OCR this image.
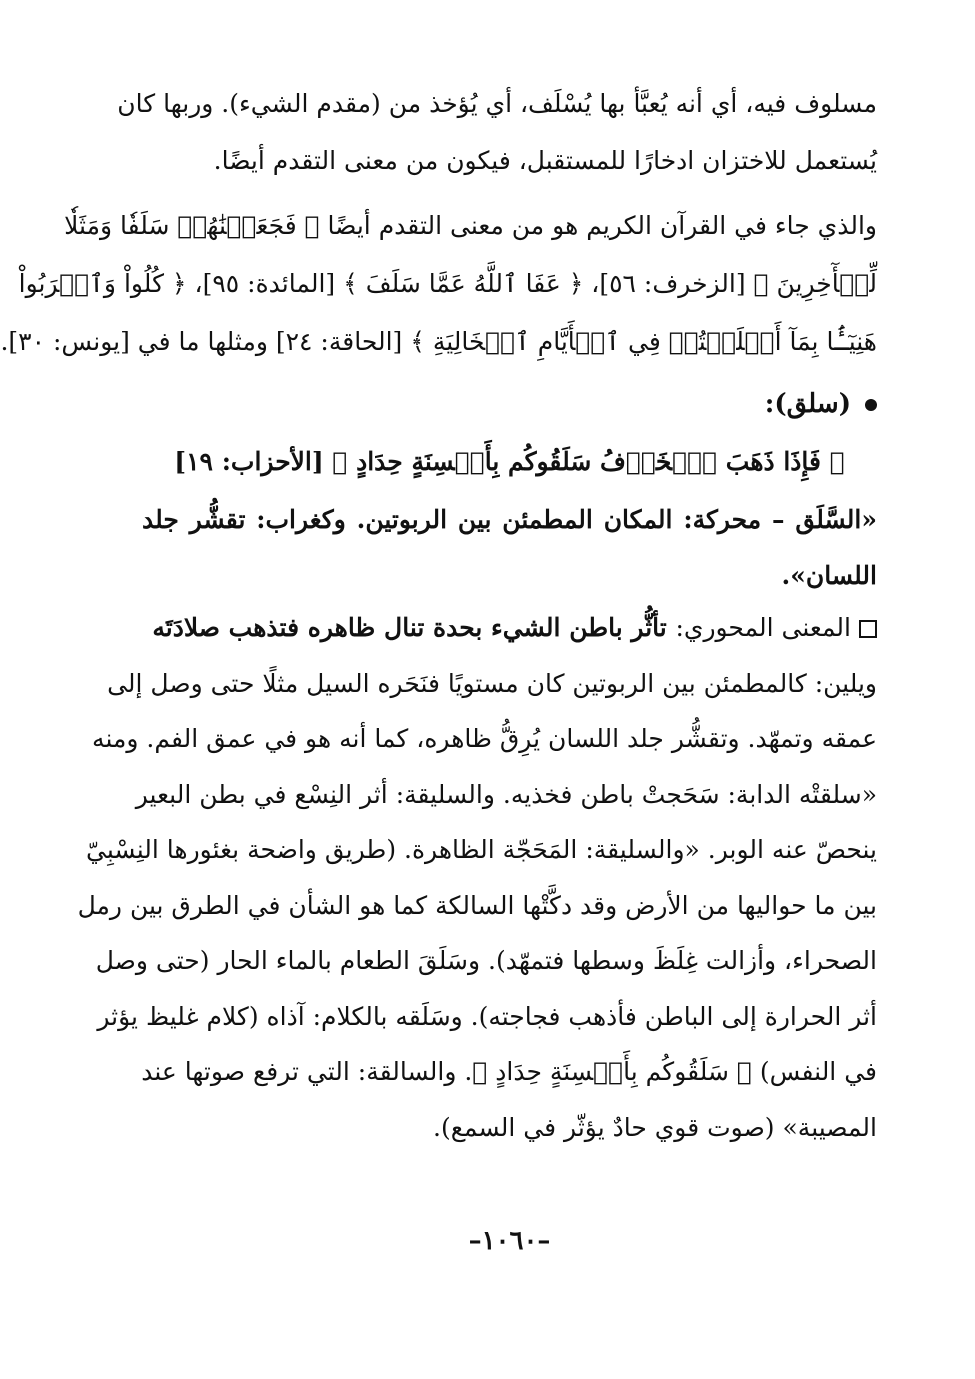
مسلوف فيه، أي أنه يُعبَّأ بها يُسْلَف، أي يُؤخذ من (مقدم الشيء). وربها كان
يُستعمل للاختزان ادخارًا للمستقبل، فيكون من معنى التقدم أيضًا.
والذي جاء في القرآن الكريم هو من معنى التقدم أيضًا ﴿ فَجَعَلۡنَٰهُمۡ سَلَفٗا وَمَثَلٗا
لِّلۡأٓخِرِينَ ﴾ [الزخرف: ٥٦]، ﴿ عَفَا ٱللَّهُ عَمَّا سَلَفَ ﴾ [المائدة: ٩٥]، ﴿ كُلُواْ وَٱشۡرَبُواْ
هَنِيٓـَٔۢا بِمَآ أَسۡلَفۡتُمۡ فِي ٱلۡأَيَّامِ ٱلۡخَالِيَةِ ﴾ [الحاقة: ٢٤] ومثلها ما في [يونس: ٣٠].
(سلق):
﴿ فَإِذَا ذَهَبَ ٱلۡخَوۡفُ سَلَقُوكُم بِأَلۡسِنَةٍ حِدَادٍ ﴾ [الأحزاب: ١٩]
«السَّلَق – محركة: المكان المطمئن بين الربوتين. وكغراب: تقشُّر جلد
اللسان».
المعنى المحوري: تأثُّر باطن الشيء بحدة تنال ظاهره فتذهب صلادَتَه
ويلين: كالمطمئن بين الربوتين كان مستويًا فنَحَره السيل مثلًا حتى وصل إلى
عمقه وتمهّد. وتقشُّر جلد اللسان يُرِقُّ ظاهره، كما أنه هو في عمق الفم. ومنه
«سلقتْه الدابة: سَحَجتْ باطن فخذيه. والسليقة: أثر النِسْع في بطن البعير
ينحصّ عنه الوبر. «والسليقة: المَحَجّة الظاهرة. (طريق واضحة بغئورها النِسْبِيّ
بين ما حواليها من الأرض وقد دكَّتْها السالكة كما هو الشأن في الطرق بين رمل
الصحراء، وأزالت غِلَظَ وسطها فتمهّد). وسَلَقَ الطعام بالماء الحار (حتى وصل
أثر الحرارة إلى الباطن فأذهب فجاجته). وسَلَقه بالكلام: آذاه (كلام غليظ يؤثر
في النفس) ﴿ سَلَقُوكُم بِأَلۡسِنَةٍ حِدَادٍ ﴾. والسالقة: التي ترفع صوتها عند
المصيبة» (صوت قوي حادٌ يؤثّر في السمع).
–١٠٦٠–
